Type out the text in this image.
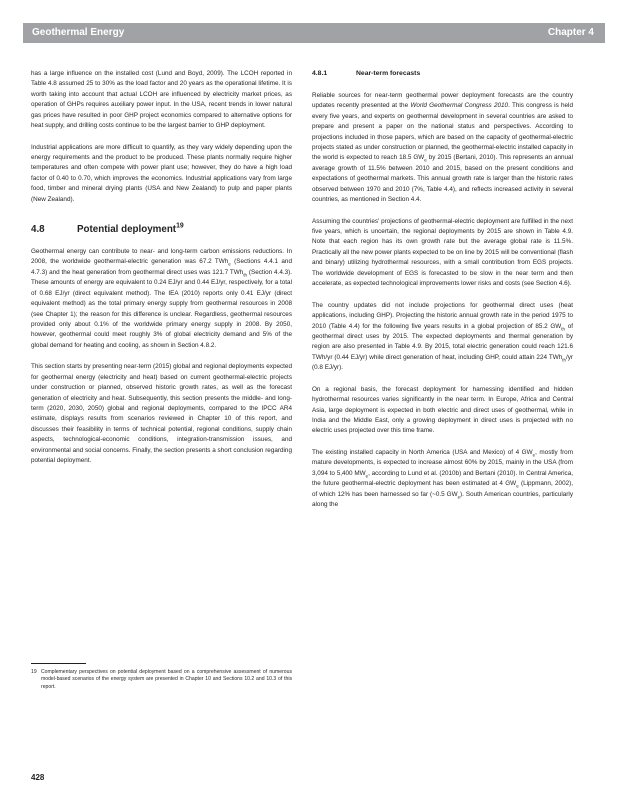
Geothermal Energy	Chapter 4

has a large influence on the installed cost (Lund and Boyd, 2009). The LCOH reported in Table 4.8 assumed 25 to 30% as the load factor and 20 years as the operational lifetime. It is worth taking into account that actual LCOH are influenced by electricity market prices, as operation of GHPs requires auxiliary power input. In the USA, recent trends in lower natural gas prices have resulted in poor GHP project economics compared to alternative options for heat supply, and drilling costs continue to be the largest barrier to GHP deployment.

Industrial applications are more difficult to quantify, as they vary widely depending upon the energy requirements and the product to be produced. These plants normally require higher temperatures and often compete with power plant use; however, they do have a high load factor of 0.40 to 0.70, which improves the economics. Industrial applications vary from large food, timber and mineral drying plants (USA and New Zealand) to pulp and paper plants (New Zealand).

4.8	Potential deployment$^{19}$

Geothermal energy can contribute to near- and long-term carbon emissions reductions. In 2008, the worldwide geothermal-electric generation was 67.2 TWh$_e$ (Sections 4.4.1 and 4.7.3) and the heat generation from geothermal direct uses was 121.7 TWh$_{th}$ (Section 4.4.3). These amounts of energy are equivalent to 0.24 EJ/yr and 0.44 EJ/yr, respectively, for a total of 0.68 EJ/yr (direct equivalent method). The IEA (2010) reports only 0.41 EJ/yr (direct equivalent method) as the total primary energy supply from geothermal resources in 2008 (see Chapter 1); the reason for this difference is unclear. Regardless, geothermal resources provided only about 0.1% of the worldwide primary energy supply in 2008. By 2050, however, geothermal could meet roughly 3% of global electricity demand and 5% of the global demand for heating and cooling, as shown in Section 4.8.2.

This section starts by presenting near-term (2015) global and regional deployments expected for geothermal energy (electricity and heat) based on current geothermal-electric projects under construction or planned, observed historic growth rates, as well as the forecast generation of electricity and heat. Subsequently, this section presents the middle- and long-term (2020, 2030, 2050) global and regional deployments, compared to the IPCC AR4 estimate, displays results from scenarios reviewed in Chapter 10 of this report, and discusses their feasibility in terms of technical potential, regional conditions, supply chain aspects, technological-economic conditions, integration-transmission issues, and environmental and social concerns. Finally, the section presents a short conclusion regarding potential deployment.

19 Complementary perspectives on potential deployment based on a comprehensive assessment of numerous model-based scenarios of the energy system are presented in Chapter 10 and Sections 10.2 and 10.3 of this report.
4.8.1	Near-term forecasts

Reliable sources for near-term geothermal power deployment forecasts are the country updates recently presented at the World Geothermal Congress 2010. This congress is held every five years, and experts on geothermal development in several countries are asked to prepare and present a paper on the national status and perspectives. According to projections included in those papers, which are based on the capacity of geothermal-electric projects stated as under construction or planned, the geothermal-electric installed capacity in the world is expected to reach 18.5 $GW_e$ by 2015 (Bertani, 2010). This represents an annual average growth of 11.5% between 2010 and 2015, based on the present conditions and expectations of geothermal markets. This annual growth rate is larger than the historic rates observed between 1970 and 2010 (7%, Table 4.4), and reflects increased activity in several countries, as mentioned in Section 4.4.

Assuming the countries' projections of geothermal-electric deployment are fulfilled in the next five years, which is uncertain, the regional deployments by 2015 are shown in Table 4.9. Note that each region has its own growth rate but the average global rate is 11.5%. Practically all the new power plants expected to be on line by 2015 will be conventional (flash and binary) utilizing hydrothermal resources, with a small contribution from EGS projects. The worldwide development of EGS is forecasted to be slow in the near term and then accelerate, as expected technological improvements lower risks and costs (see Section 4.6).

The country updates did not include projections for geothermal direct uses (heat applications, including GHP). Projecting the historic annual growth rate in the period 1975 to 2010 (Table 4.4) for the following five years results in a global projection of 85.2 $GW_{th}$ of geothermal direct uses by 2015. The expected deployments and thermal generation by region are also presented in Table 4.9. By 2015, total electric generation could reach 121.6 TWh/yr (0.44 EJ/yr) while direct generation of heat, including GHP, could attain 224 TWh$_{th}$/yr (0.8 EJ/yr).

On a regional basis, the forecast deployment for harnessing identified and hidden hydrothermal resources varies significantly in the near term. In Europe, Africa and Central Asia, large deployment is expected in both electric and direct uses of geothermal, while in India and the Middle East, only a growing deployment in direct uses is projected with no electric uses projected over this time frame.

The existing installed capacity in North America (USA and Mexico) of 4 $GW_e$, mostly from mature developments, is expected to increase almost 60% by 2015, mainly in the USA (from 3,094 to 5,400 $MW_e$, according to Lund et al. (2010b) and Bertani (2010). In Central America, the future geothermal-electric deployment has been estimated at 4 $GW_e$ (Lippmann, 2002), of which 12% has been harnessed so far (~0.5 $GW_e$). South American countries, particularly along the

428
